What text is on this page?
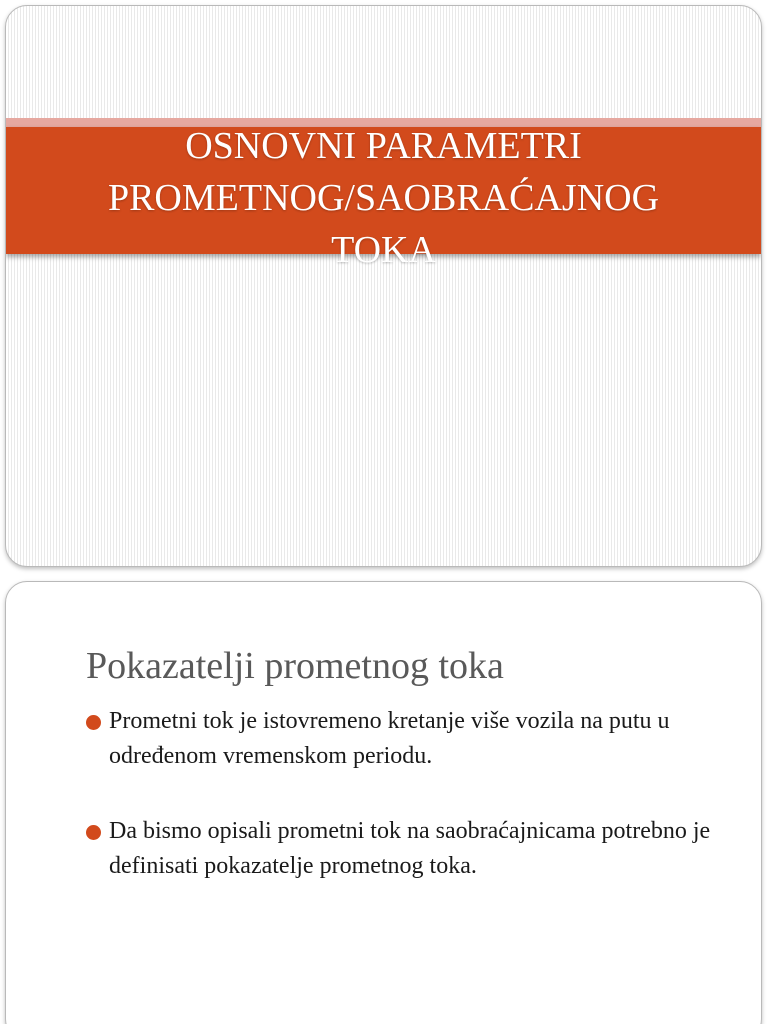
OSNOVNI PARAMETRI
PROMETNOG/SAOBRAĆAJNOG
TOKA
Pokazatelji prometnog toka
Prometni tok je istovremeno kretanje više vozila na putu u određenom vremenskom periodu.
Da bismo opisali prometni tok na saobraćajnicama potrebno je definisati pokazatelje prometnog toka.
